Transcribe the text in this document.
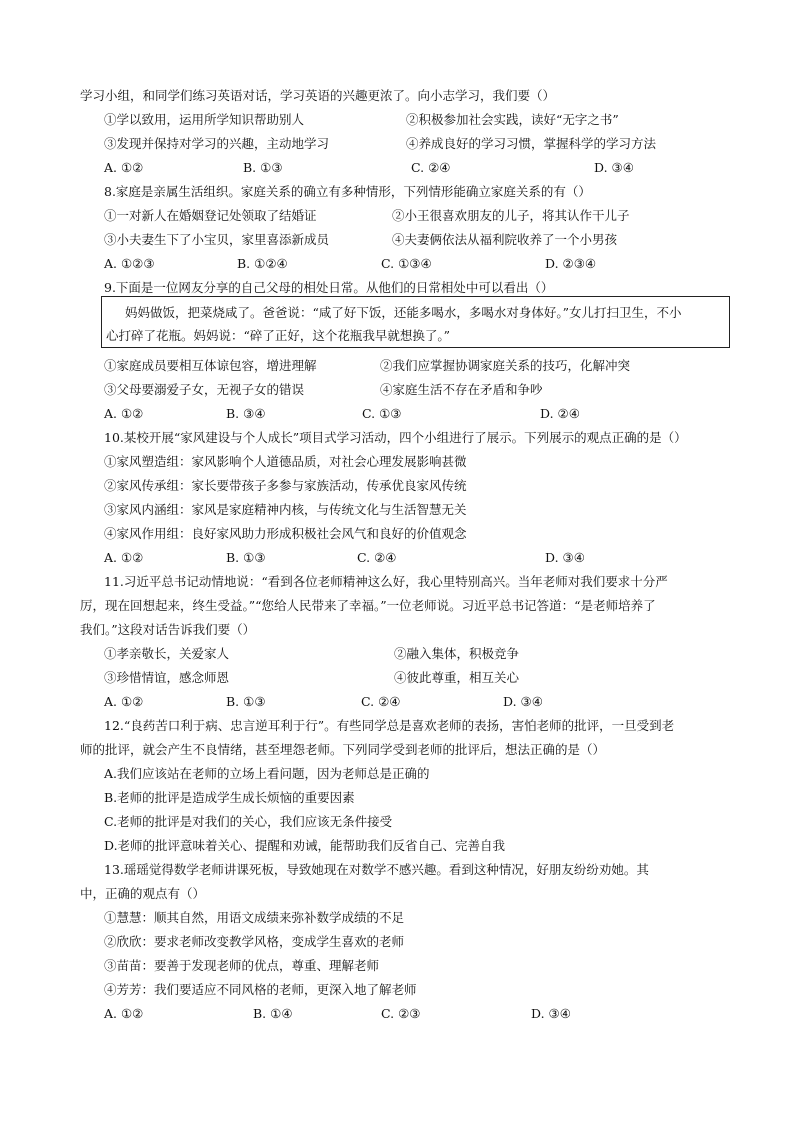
学习小组，和同学们练习英语对话，学习英语的兴趣更浓了。向小志学习，我们要（）
①学以致用，运用所学知识帮助别人	②积极参加社会实践，读好“无字之书”
③发现并保持对学习的兴趣，主动地学习	④养成良好的学习习惯，掌握科学的学习方法
A. ①②	B. ①③	C. ②④	D. ③④
8.家庭是亲属生活组织。家庭关系的确立有多种情形，下列情形能确立家庭关系的有（）
①一对新人在婚姻登记处领取了结婚证	②小王很喜欢朋友的儿子，将其认作干儿子
③小夫妻生下了小宝贝，家里喜添新成员	④夫妻俩依法从福利院收养了一个小男孩
A. ①②③	B. ①②④	C. ①③④	D. ②③④
9.下面是一位网友分享的自己父母的相处日常。从他们的日常相处中可以看出（）
妈妈做饭，把菜烧咸了。爸爸说：“咸了好下饭，还能多喝水，多喝水对身体好。”女儿打扫卫生，不小
心打碎了花瓶。妈妈说：“碎了正好，这个花瓶我早就想换了。”
①家庭成员要相互体谅包容，增进理解	②我们应掌握协调家庭关系的技巧，化解冲突
③父母要溺爱子女，无视子女的错误	④家庭生活不存在矛盾和争吵
A. ①②	B. ③④	C. ①③	D. ②④
10.某校开展“家风建设与个人成长”项目式学习活动，四个小组进行了展示。下列展示的观点正确的是（）
①家风塑造组：家风影响个人道德品质，对社会心理发展影响甚微
②家风传承组：家长要带孩子多参与家族活动，传承优良家风传统
③家风内涵组：家风是家庭精神内核，与传统文化与生活智慧无关
④家风作用组：良好家风助力形成积极社会风气和良好的价值观念
A. ①②	B. ①③	C. ②④	D. ③④
11.习近平总书记动情地说：“看到各位老师精神这么好，我心里特别高兴。当年老师对我们要求十分严
厉，现在回想起来，终生受益。”“您给人民带来了幸福。”一位老师说。习近平总书记答道：“是老师培养了
我们。”这段对话告诉我们要（）
①孝亲敬长，关爱家人	②融入集体，积极竞争
③珍惜情谊，感念师恩	④彼此尊重，相互关心
A. ①②	B. ①③	C. ②④	D. ③④
12.“良药苦口利于病、忠言逆耳利于行”。有些同学总是喜欢老师的表扬，害怕老师的批评，一旦受到老
师的批评，就会产生不良情绪，甚至埋怨老师。下列同学受到老师的批评后，想法正确的是（）
A.我们应该站在老师的立场上看问题，因为老师总是正确的
B.老师的批评是造成学生成长烦恼的重要因素
C.老师的批评是对我们的关心，我们应该无条件接受
D.老师的批评意味着关心、提醒和劝诫，能帮助我们反省自己、完善自我
13.瑶瑶觉得数学老师讲课死板，导致她现在对数学不感兴趣。看到这种情况，好朋友纷纷劝她。其
中，正确的观点有（）
①慧慧：顺其自然，用语文成绩来弥补数学成绩的不足
②欣欣：要求老师改变教学风格，变成学生喜欢的老师
③苗苗：要善于发现老师的优点，尊重、理解老师
④芳芳：我们要适应不同风格的老师，更深入地了解老师
A. ①②	B. ①④	C. ②③	D. ③④
